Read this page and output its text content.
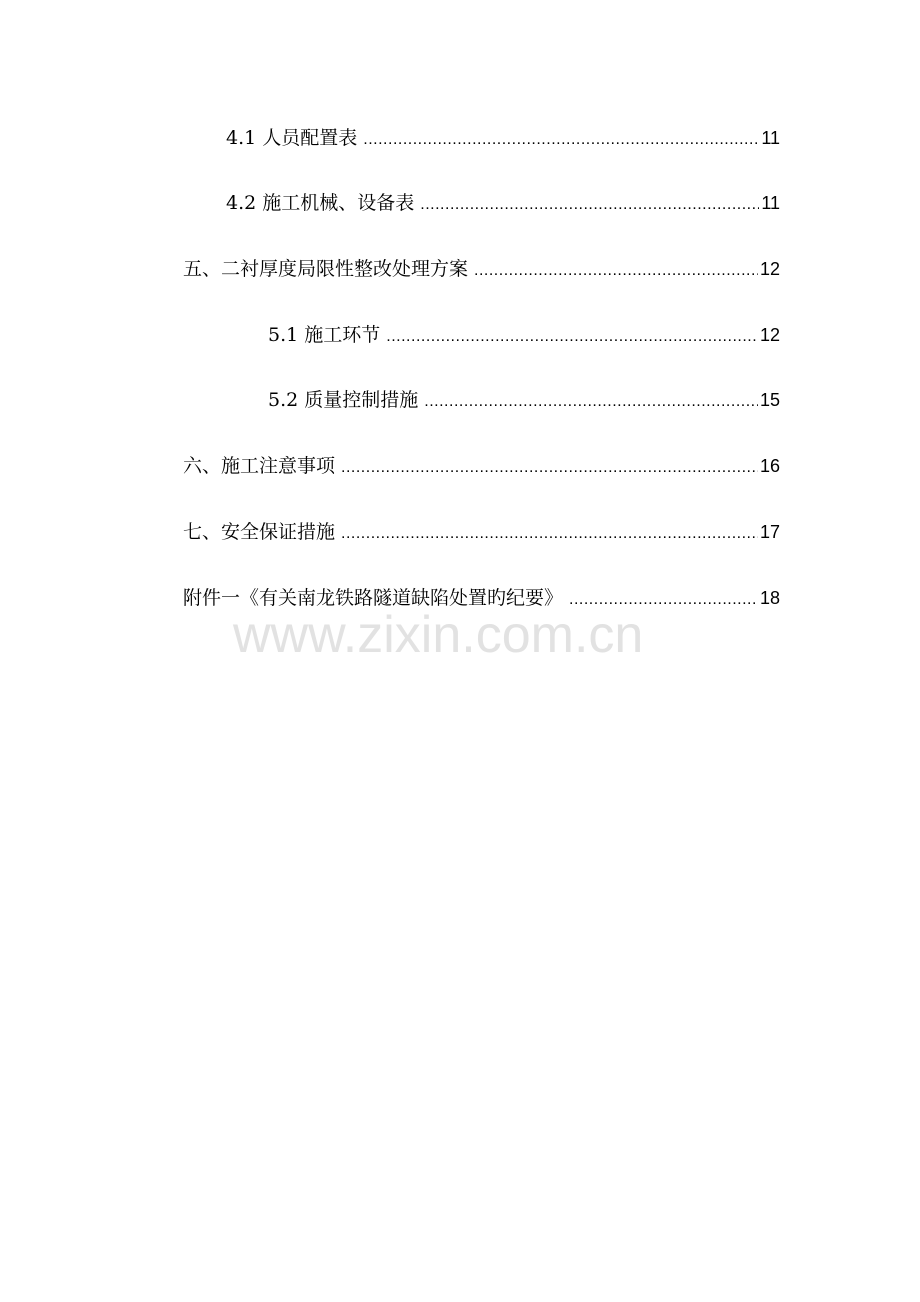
4.1 人员配置表 .....	11
4.2 施工机械、设备表 .....	11
五、二衬厚度局限性整改处理方案 .....	12
5.1 施工环节 .....	12
5.2 质量控制措施 .....	15
六、施工注意事项 .....	16
七、安全保证措施 .....	17
附件一《有关南龙铁路隧道缺陷处置旳纪要》 .....	18
www.zixin.com.cn
